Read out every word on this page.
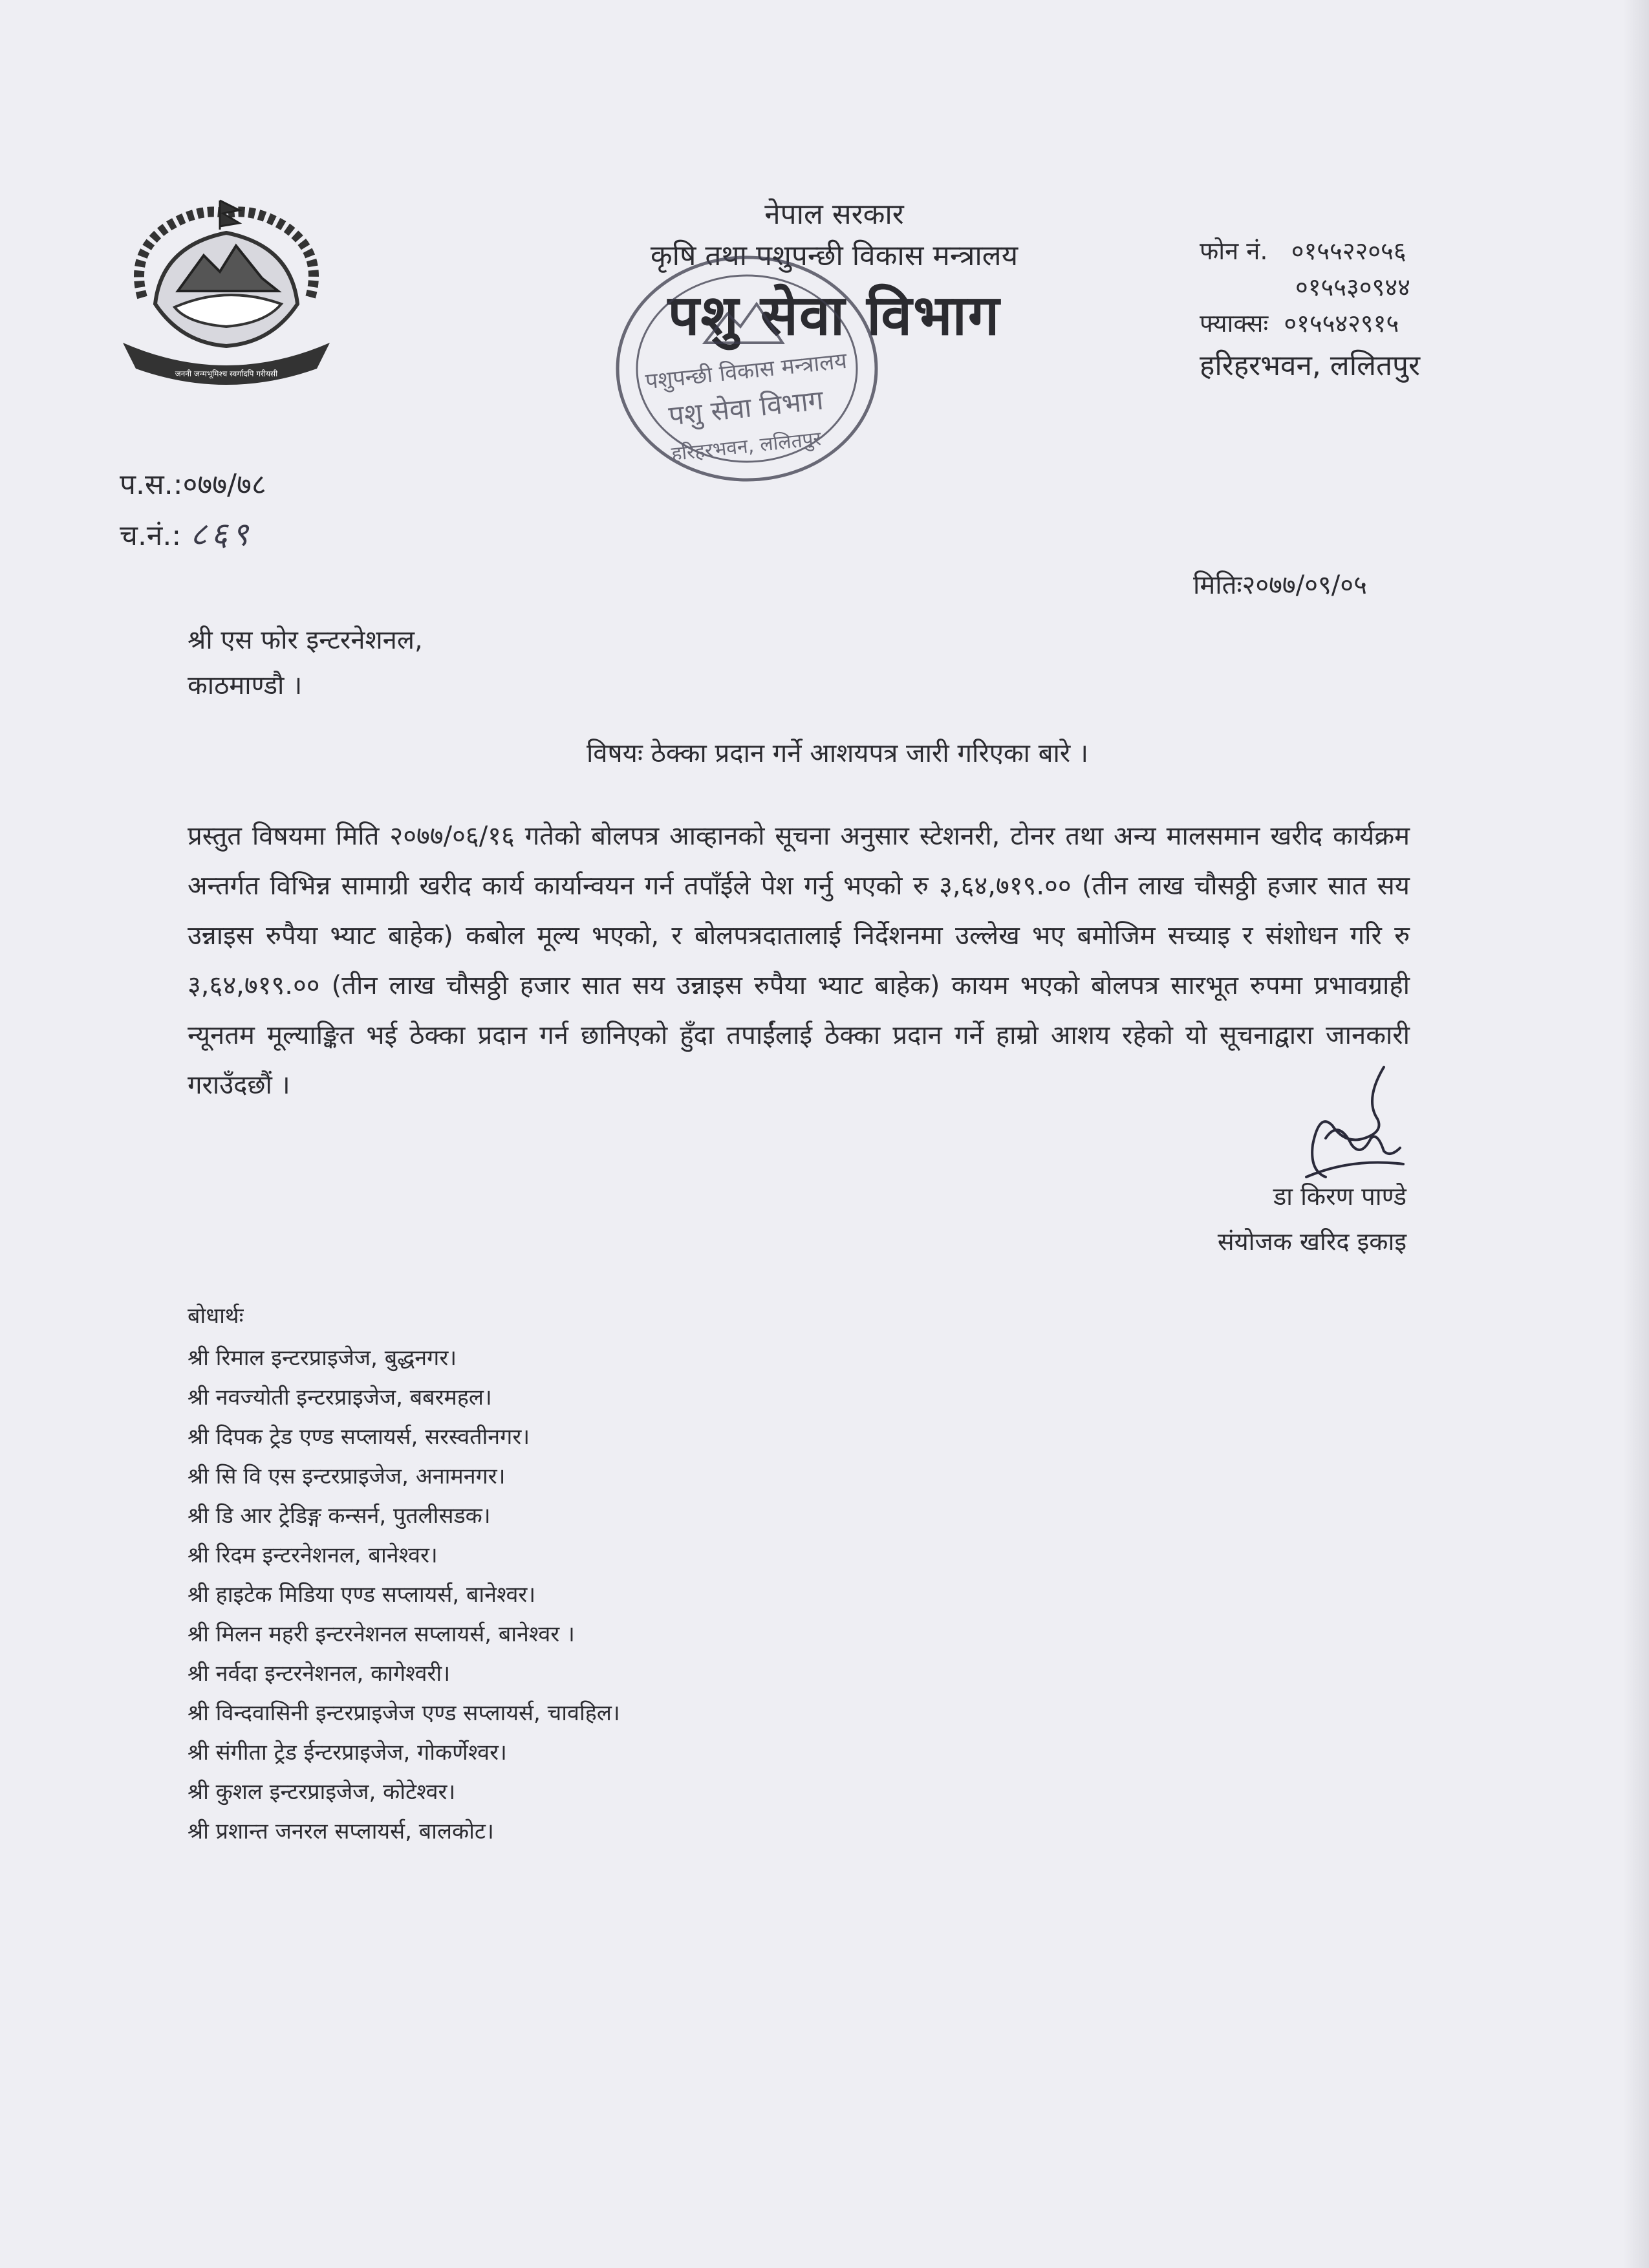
जननी जन्मभूमिश्च स्वर्गादपि गरीयसी
नेपाल सरकार
कृषि तथा पशुपन्छी विकास मन्त्रालय
पशु सेवा विभाग
पशुपन्छी विकास मन्त्रालय
पशु सेवा विभाग
हरिहरभवन, ललितपुर
फोन नं. ०१५५२२०५६
०१५५३०९४४
फ्याक्सः ०१५५४२९१५
हरिहरभवन, ललितपुर
प.स.:०७७/७८
च.नं.: ८६९
मितिः२०७७/०९/०५
श्री एस फोर इन्टरनेशनल,
काठमाण्डौ ।
विषयः ठेक्का प्रदान गर्ने आशयपत्र जारी गरिएका बारे ।
प्रस्तुत विषयमा मिति २०७७/०६/१६ गतेको बोलपत्र आव्हानको सूचना अनुसार स्टेशनरी, टोनर तथा अन्य मालसमान खरीद कार्यक्रम अन्तर्गत विभिन्न सामाग्री खरीद कार्य कार्यान्वयन गर्न तपाँईले पेश गर्नु भएको रु ३,६४,७१९.०० (तीन लाख चौसठ्ठी हजार सात सय उन्नाइस रुपैया भ्याट बाहेक) कबोल मूल्य भएको, र बोलपत्रदातालाई निर्देशनमा उल्लेख भए बमोजिम सच्याइ र संशोधन गरि रु ३,६४,७१९.०० (तीन लाख चौसठ्ठी हजार सात सय उन्नाइस रुपैया भ्याट बाहेक) कायम भएको बोलपत्र सारभूत रुपमा प्रभावग्राही न्यूनतम मूल्याङ्कित भई ठेक्का प्रदान गर्न छानिएको हुँदा तपाईंलाई ठेक्का प्रदान गर्ने हाम्रो आशय रहेको यो सूचनाद्वारा जानकारी गराउँदछौं ।
डा किरण पाण्डे
संयोजक खरिद इकाइ
बोधार्थः
श्री रिमाल इन्टरप्राइजेज, बुद्धनगर।
श्री नवज्योती इन्टरप्राइजेज, बबरमहल।
श्री दिपक ट्रेड एण्ड सप्लायर्स, सरस्वतीनगर।
श्री सि वि एस इन्टरप्राइजेज, अनामनगर।
श्री डि आर ट्रेडिङ्ग कन्सर्न, पुतलीसडक।
श्री रिदम इन्टरनेशनल, बानेश्वर।
श्री हाइटेक मिडिया एण्ड सप्लायर्स, बानेश्वर।
श्री मिलन महरी इन्टरनेशनल सप्लायर्स, बानेश्वर ।
श्री नर्वदा इन्टरनेशनल, कागेश्वरी।
श्री विन्दवासिनी इन्टरप्राइजेज एण्ड सप्लायर्स, चावहिल।
श्री संगीता ट्रेड ईन्टरप्राइजेज, गोकर्णेश्वर।
श्री कुशल इन्टरप्राइजेज, कोटेश्वर।
श्री प्रशान्त जनरल सप्लायर्स, बालकोट।
